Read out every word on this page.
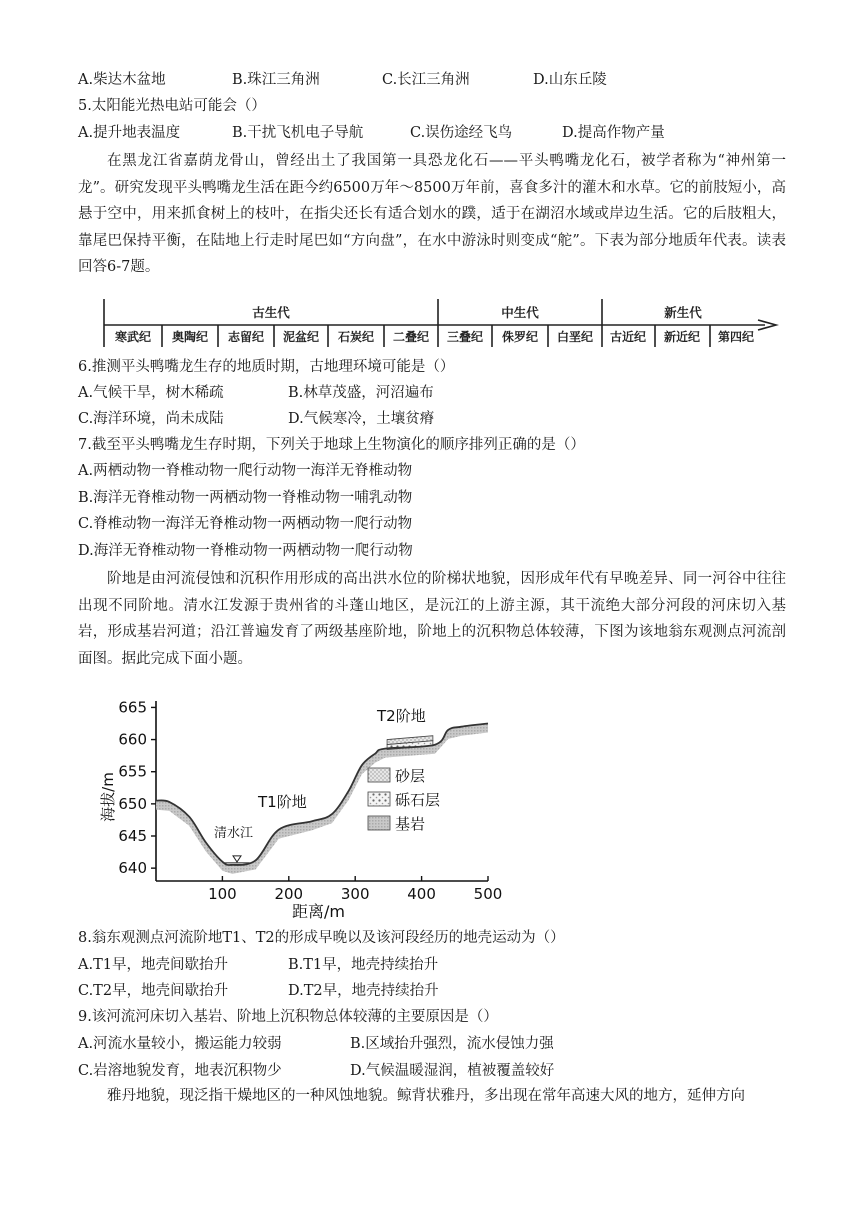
A.柴达木盆地	B.珠江三角洲	C.长江三角洲	D.山东丘陵
5.太阳能光热电站可能会（）
A.提升地表温度	B.干扰飞机电子导航	C.误伤途经飞鸟	D.提高作物产量
在黑龙江省嘉荫龙骨山，曾经出土了我国第一具恐龙化石——平头鸭嘴龙化石，被学者称为“神州第一龙”。研究发现平头鸭嘴龙生活在距今约6500万年～8500万年前，喜食多汁的灌木和水草。它的前肢短小，高悬于空中，用来抓食树上的枝叶，在指尖还长有适合划水的蹼，适于在湖沼水域或岸边生活。它的后肢粗大，靠尾巴保持平衡，在陆地上行走时尾巴如“方向盘”，在水中游泳时则变成“舵”。下表为部分地质年代表。读表回答6-7题。
古生代	中生代	新生代
寒武纪 奥陶纪 志留纪 泥盆纪 石炭纪 二叠纪 三叠纪 侏罗纪 白垩纪 古近纪 新近纪 第四纪
6.推测平头鸭嘴龙生存的地质时期，古地理环境可能是（）
A.气候干旱，树木稀疏	B.林草茂盛，河沼遍布
C.海洋环境，尚未成陆	D.气候寒冷，土壤贫瘠
7.截至平头鸭嘴龙生存时期，下列关于地球上生物演化的顺序排列正确的是（）
A.两栖动物一脊椎动物一爬行动物一海洋无脊椎动物
B.海洋无脊椎动物一两栖动物一脊椎动物一哺乳动物
C.脊椎动物一海洋无脊椎动物一两栖动物一爬行动物
D.海洋无脊椎动物一脊椎动物一两栖动物一爬行动物
阶地是由河流侵蚀和沉积作用形成的高出洪水位的阶梯状地貌，因形成年代有早晚差异、同一河谷中往往出现不同阶地。清水江发源于贵州省的斗蓬山地区，是沅江的上游主源，其干流绝大部分河段的河床切入基岩，形成基岩河道；沿江普遍发育了两级基座阶地，阶地上的沉积物总体较薄，下图为该地翁东观测点河流剖面图。据此完成下面小题。
640
645
650
655
660
665
100	200	300	400	500
T2阶地
T1阶地
清水江
砂层
砾石层
基岩
距离/m
海拔/m
8.翁东观测点河流阶地T1、T2的形成早晚以及该河段经历的地壳运动为（）
A.T1早，地壳间歇抬升	B.T1早，地壳持续抬升
C.T2早，地壳间歇抬升	D.T2早，地壳持续抬升
9.该河流河床切入基岩、阶地上沉积物总体较薄的主要原因是（）
A.河流水量较小，搬运能力较弱	B.区域抬升强烈，流水侵蚀力强
C.岩溶地貌发育，地表沉积物少	D.气候温暖湿润，植被覆盖较好
雅丹地貌，现泛指干燥地区的一种风蚀地貌。鲸背状雅丹，多出现在常年高速大风的地方，延伸方向
